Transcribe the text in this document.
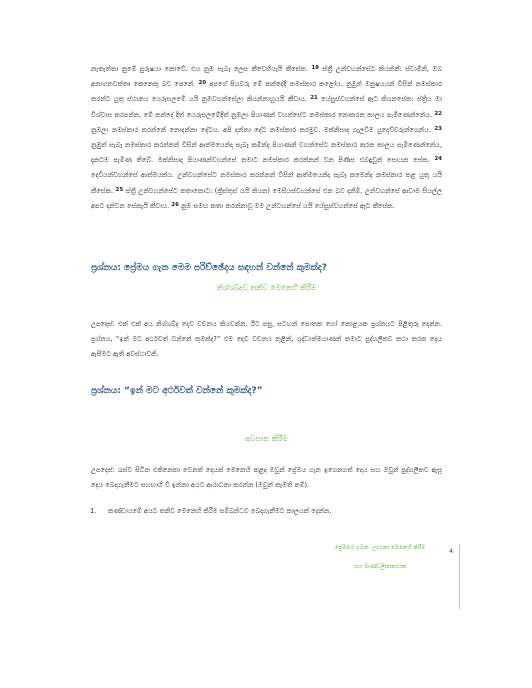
නැතැත්තා නුඹේ පුරුෂයා නොවේ. එය නුඹ සැබෑ ලෙස කීවෙහියැයි කීසේක. $^{19}$ ස්ත්‍රී උන්වහන්සේට කියන්නී: ස්වාමීනි, ඔබ අනාගතවක්තෘ කෙනෙකු බව පෙනේ. $^{20}$ අපගේ පියවරු මේ කන්දේදී නමස්කාර කළෝය. නුඹුන් මනුෂයයන් විසින් නමස්කාර කරන්ට යුතු ස්ථානය යෙරුසලමේ යයි නුඹවහන්සේලා කියන්නාහුයයි කීවාය. $^{21}$ යේසුස්වහන්සේ ඈට කියනසේක: ස්ත්‍රිය මා විශ්වාස කරපන්න, මේ කන්දේ දීත් යෙරුසලමේදීත් නුඹලා පියාණන් වහන්සේට නමස්කාර නොකරන කාලය පැමිණෙන්නේය. $^{22}$ නුඹලා නමස්කාර කරන්නේ නොදන්නා දේටය. අපි දන්නා දේට නමස්කාර කරමුව. මක්නිසාද ගැලවීම යුදෙව්වරුන්ගෙන්ය. $^{23}$ නුඹුත් සැබෑ නමස්කාර කරන්නන් විසින් ආත්මයෙන්ද සැබෑ කමින්ද පියාණන් වහන්සේට නමස්කාර කරන කාලය පැමිණෙන්නේය, දැනටම පැමිණ තිබේ. මක්නිසාද පියාණන්වහන්සේ තමාට නමස්කාර කරන්නන් වන පිණිස එබඳුවුන් සොයන සේක. $^{24}$ දෙවියන්වහන්සේ ආත්මයක්ය. උන්වහන්සේට නමස්කාර කරන්නන් විසින් ආත්මයෙන්ද සැබෑ කමෙන්ද නමස්කාර කළ යුතු යයි කීසේක. $^{25}$ ස්ත්‍රී උන්වහන්සේට කතාකොට: (ක්‍රිස්තුස් යයි කියන) මෙසියස්වහන්සේ එන බව දනිමි. උන්වහන්සේ ආවාම සියල්ල අපට දන්වන සේකැයි කීවාය. $^{26}$ නුඹ සමඟ කතා කරන්නාවූ මම උන්වහන්සේ යයි යේසුස්වහන්සේ ඈට කීසේක.

ප්‍රශ්නය: ප්‍රේමය ගැන මෙම පරිච්ඡේදය සඳහන් වන්නේ කුමක්ද?

නිශ්ශබ්දව තනිව මෙනෙහි කිරීම

උපදෙස්: එක් එක් අය නිශ්ශබ්ද දෙව වචනය කියවන්න. ඊට පසු, සටහන් පොතක හෝ කොළයක ප්‍රශ්නයට පිළිතුරු දෙන්න. ප්‍රශ්නය, “ඉන් මට අර්ථවත් වන්නේ කුමක්ද?” එම දෙව වචනය තුළින්, ශුද්ධාත්මයාණන් තමාට පුද්ගලිකව කථා කරන දෙය ඇසීමට ඇති අවස්ථාවකි.

ප්‍රශ්නය: “ඉන් මට අර්ථවත් වන්නේ කුමක්ද?”

අවසාන කිරීම

උපදෙස්: රැස්ව සිටින එකිනෙකා වෙනත් දෙයක් මෙනෙහි කළද ඔවුන් ප්‍රේමය ගැන ඉගෙනගත් දෙය සහ ඔවුන් පුද්ගලිකව ඇසූ දෙය බෙදාගැනීමට සහභාගි වී ඉන්නා අයට ආරාධනා කරන්න (ඔවුන් කැමති නම්).

1. කණ්ඩායමේ අයට තනිව මෙනෙහි කිරීම සම්බන්ධව බෙදාගැනීමට කාලයක් දෙන්න.

ප්‍රේමයේ ගමන: උදයනා මෙනෙහි කිරීම

සහ මාණ්ඩලිකානායක

4
